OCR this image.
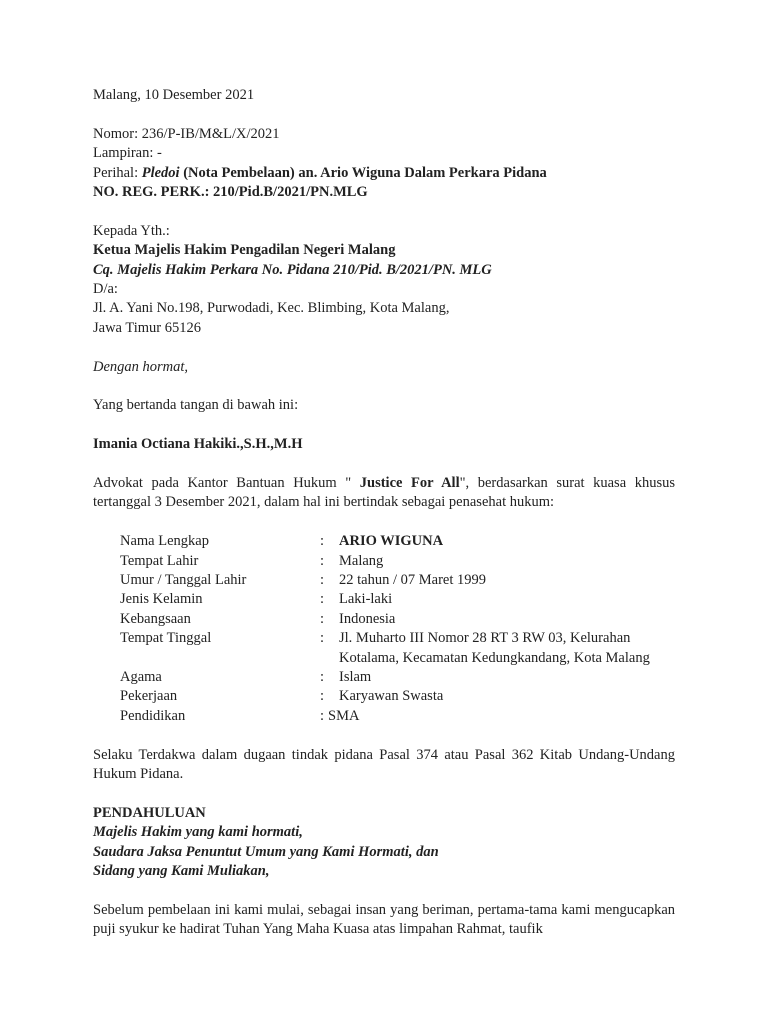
Malang, 10 Desember 2021
Nomor: 236/P-IB/M&L/X/2021
Lampiran: -
Perihal: Pledoi (Nota Pembelaan) an. Ario Wiguna Dalam Perkara Pidana
NO. REG. PERK.: 210/Pid.B/2021/PN.MLG
Kepada Yth.:
Ketua Majelis Hakim Pengadilan Negeri Malang
Cq. Majelis Hakim Perkara No. Pidana 210/Pid. B/2021/PN. MLG
D/a:
Jl. A. Yani No.198, Purwodadi, Kec. Blimbing, Kota Malang,
Jawa Timur 65126
Dengan hormat,
Yang bertanda tangan di bawah ini:
Imania Octiana Hakiki.,S.H.,M.H
Advokat pada Kantor Bantuan Hukum " Justice For All", berdasarkan surat kuasa khusus tertanggal 3 Desember 2021, dalam hal ini bertindak sebagai penasehat hukum:
Nama Lengkap	:	ARIO WIGUNA
Tempat Lahir	:	Malang
Umur / Tanggal Lahir	:	22 tahun / 07 Maret 1999
Jenis Kelamin	:	Laki-laki
Kebangsaan	:	Indonesia
Tempat Tinggal	:	Jl. Muharto III Nomor 28 RT 3 RW 03, Kelurahan Kotalama, Kecamatan Kedungkandang, Kota Malang
Agama	:	Islam
Pekerjaan	:	Karyawan Swasta
Pendidikan	: SMA
Selaku Terdakwa dalam dugaan tindak pidana Pasal 374 atau Pasal 362 Kitab Undang-Undang Hukum Pidana.
PENDAHULUAN
Majelis Hakim yang kami hormati,
Saudara Jaksa Penuntut Umum yang Kami Hormati, dan
Sidang yang Kami Muliakan,
Sebelum pembelaan ini kami mulai, sebagai insan yang beriman, pertama-tama kami mengucapkan puji syukur ke hadirat Tuhan Yang Maha Kuasa atas limpahan Rahmat, taufik
